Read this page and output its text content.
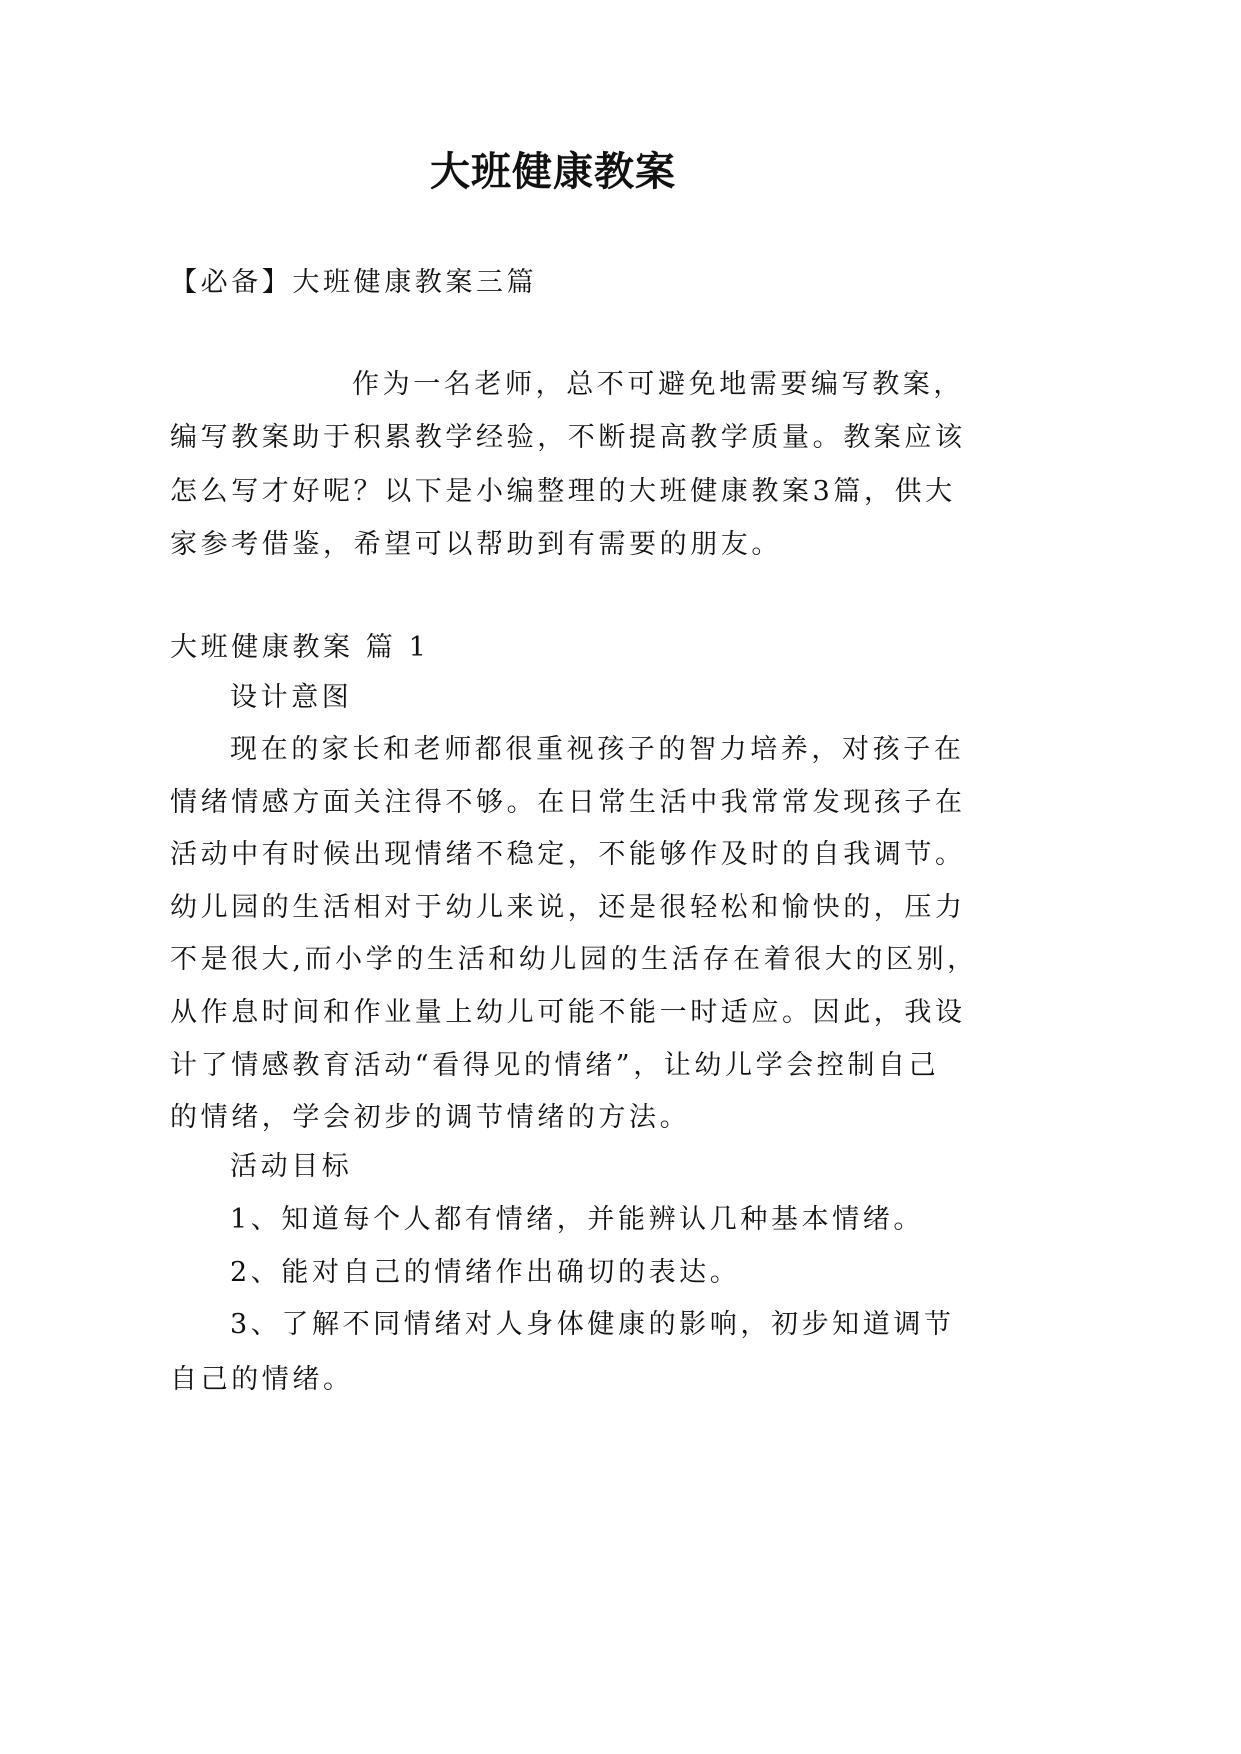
大班健康教案
【必备】大班健康教案三篇
作为一名老师，总不可避免地需要编写教案，
编写教案助于积累教学经验，不断提高教学质量。教案应该
怎么写才好呢？以下是小编整理的大班健康教案3篇，供大
家参考借鉴，希望可以帮助到有需要的朋友。
大班健康教案 篇 1
设计意图
现在的家长和老师都很重视孩子的智力培养，对孩子在
情绪情感方面关注得不够。在日常生活中我常常发现孩子在
活动中有时候出现情绪不稳定，不能够作及时的自我调节。
幼儿园的生活相对于幼儿来说，还是很轻松和愉快的，压力
不是很大,而小学的生活和幼儿园的生活存在着很大的区别，
从作息时间和作业量上幼儿可能不能一时适应。因此，我设
计了情感教育活动“看得见的情绪”，让幼儿学会控制自己
的情绪，学会初步的调节情绪的方法。
活动目标
1、知道每个人都有情绪，并能辨认几种基本情绪。
2、能对自己的情绪作出确切的表达。
3、了解不同情绪对人身体健康的影响，初步知道调节
自己的情绪。
